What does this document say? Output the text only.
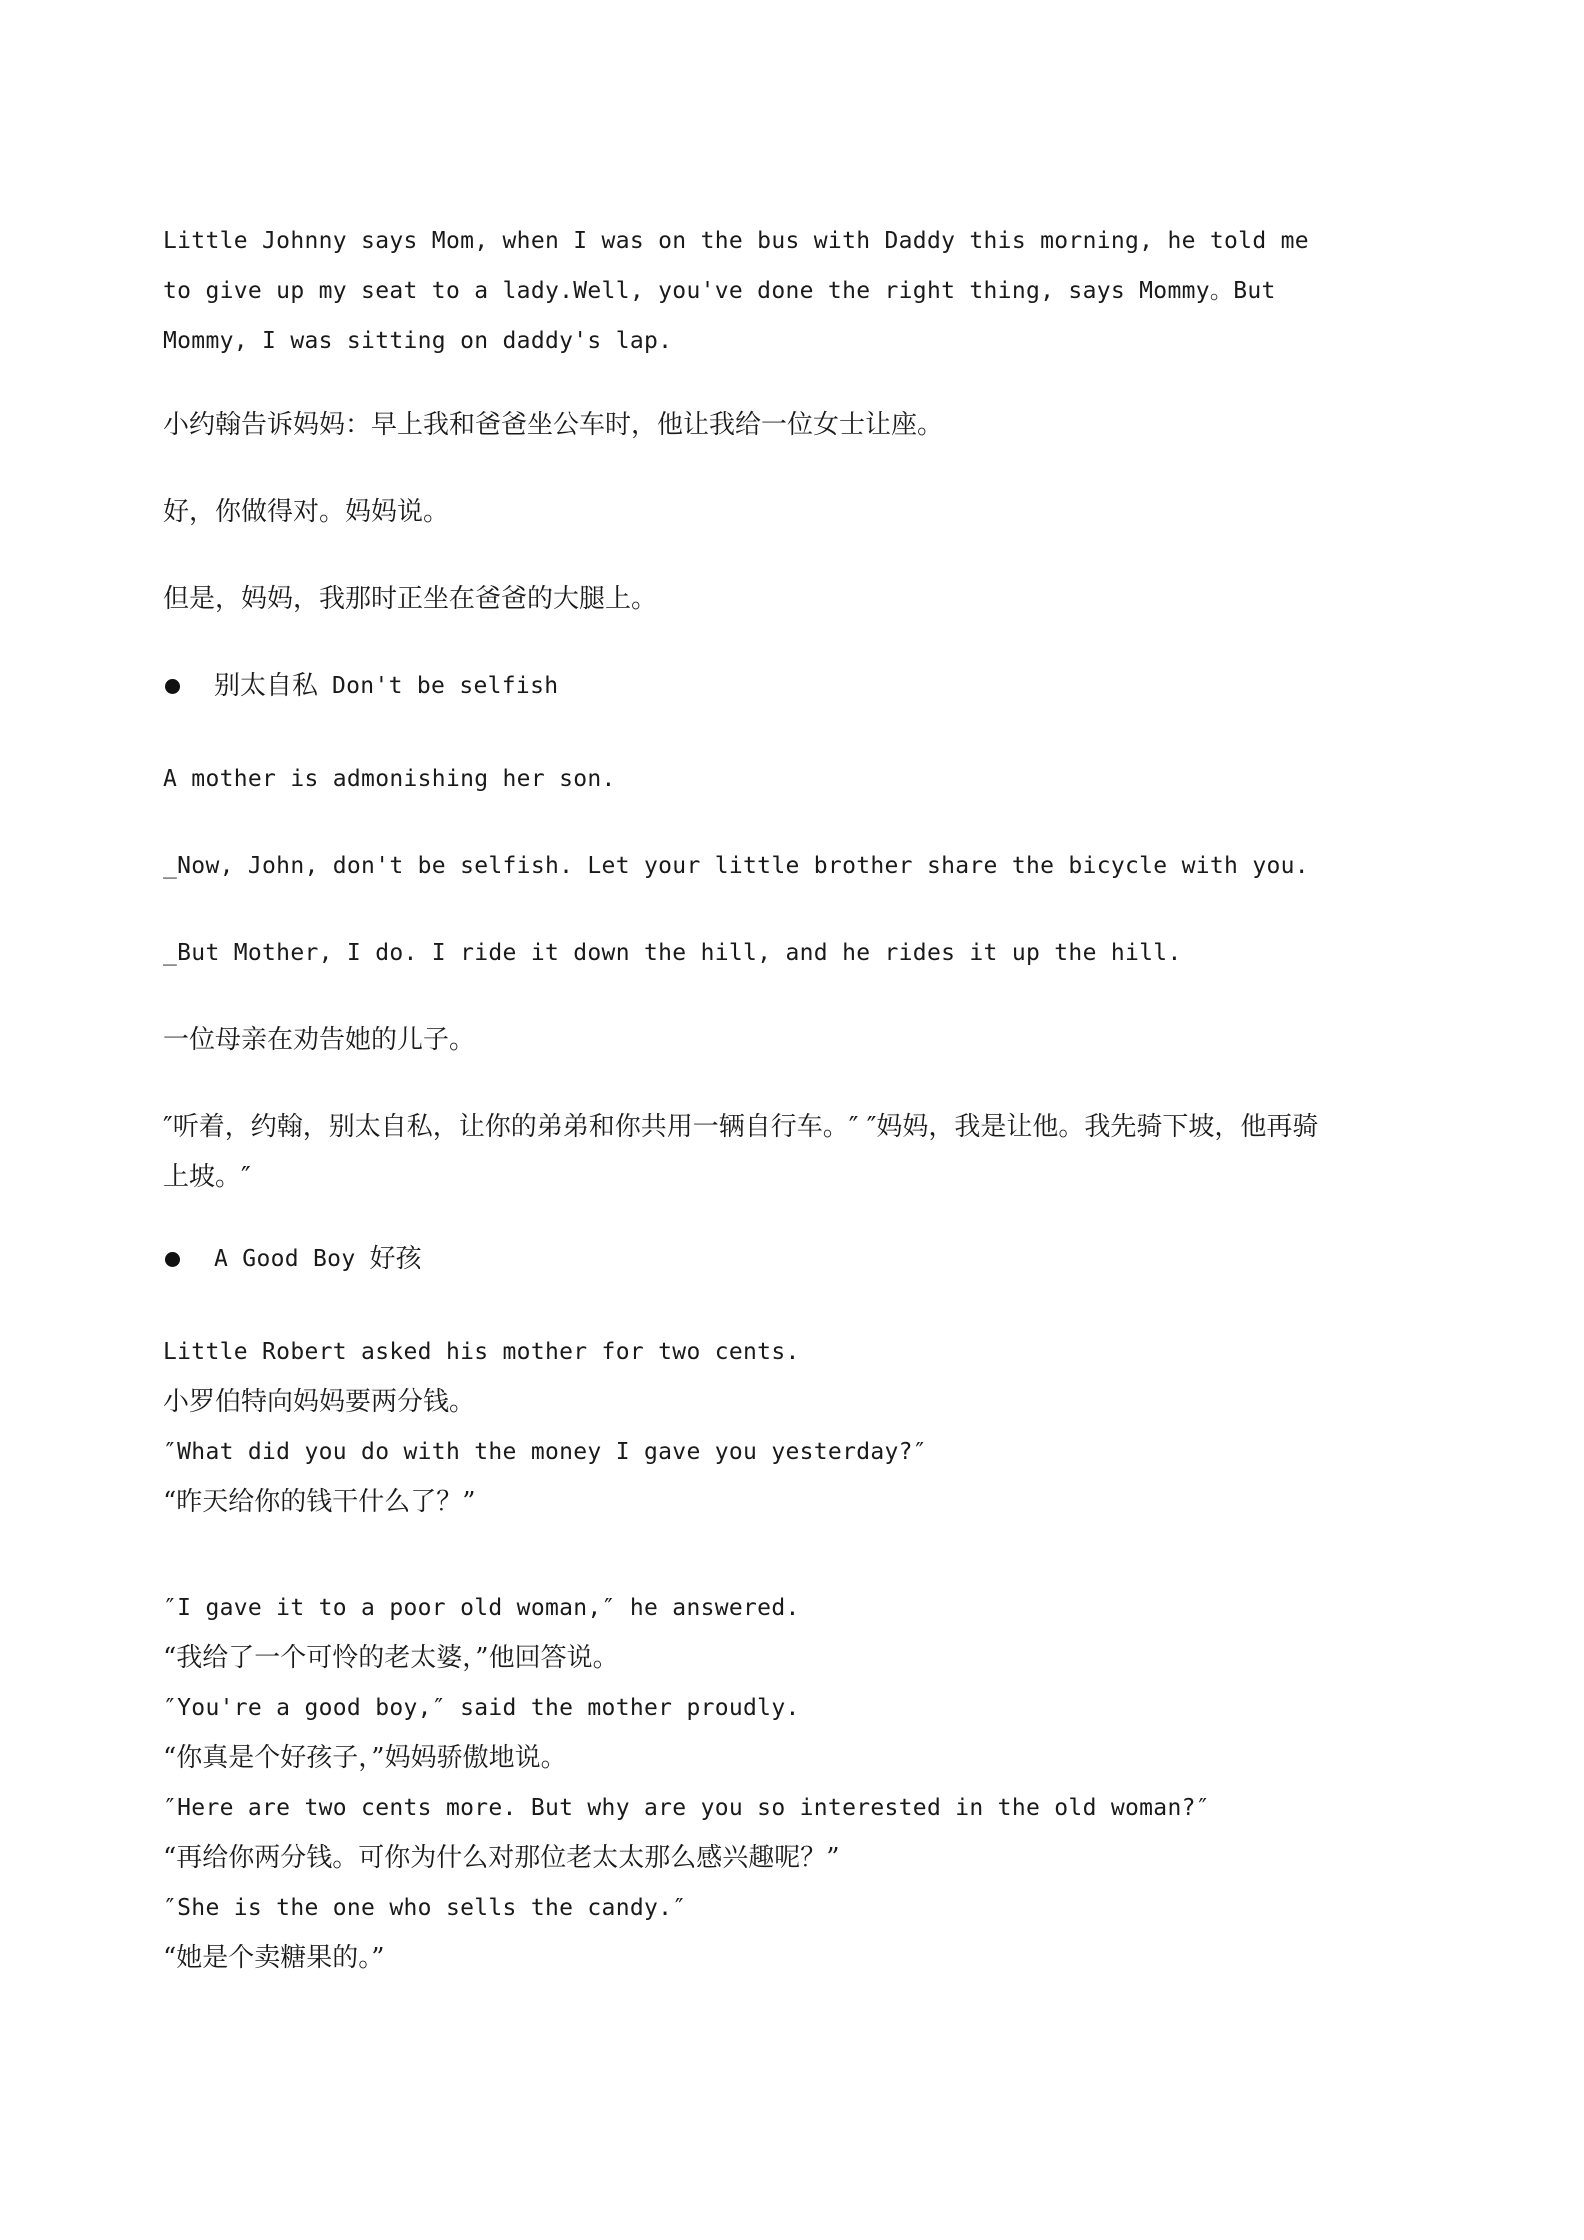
Little Johnny says Mom, when I was on the bus with Daddy this morning, he told me to give up my seat to a lady.Well, you've done the right thing, says Mommy。But Mommy, I was sitting on daddy's lap.

小约翰告诉妈妈：早上我和爸爸坐公车时，他让我给一位女士让座。

好，你做得对。妈妈说。

但是，妈妈，我那时正坐在爸爸的大腿上。

别太自私 Don't be selfish

A mother is admonishing her son.

_Now, John, don't be selfish. Let your little brother share the bicycle with you.

_But Mother, I do. I ride it down the hill, and he rides it up the hill.

一位母亲在劝告她的儿子。

″听着，约翰，别太自私，让你的弟弟和你共用一辆自行车。″ ″妈妈，我是让他。我先骑下坡，他再骑上坡。″

A Good Boy 好孩

Little Robert asked his mother for two cents.

小罗伯特向妈妈要两分钱。

″What did you do with the money I gave you yesterday?″

“昨天给你的钱干什么了？”

″I gave it to a poor old woman,″ he answered.

“我给了一个可怜的老太婆，”他回答说。

″You're a good boy,″ said the mother proudly.

“你真是个好孩子，”妈妈骄傲地说。

″Here are two cents more. But why are you so interested in the old woman?″

“再给你两分钱。可你为什么对那位老太太那么感兴趣呢？”

″She is the one who sells the candy.″

“她是个卖糖果的。”
